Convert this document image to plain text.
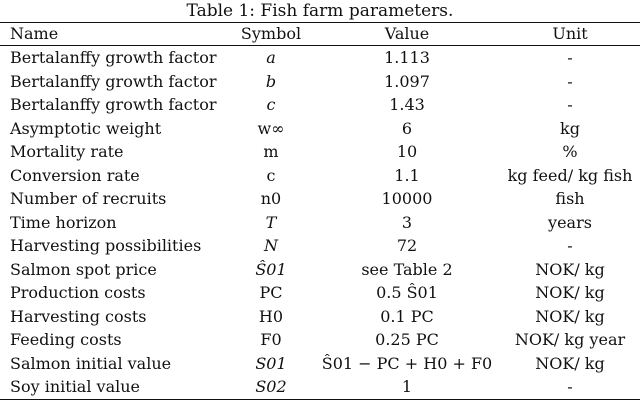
Table 1: Fish farm parameters.
Name	Symbol	Value	Unit
Bertalanffy growth factor	a	1.113	-
Bertalanffy growth factor	b	1.097	-
Bertalanffy growth factor	c	1.43	-
Asymptotic weight	w∞	6	kg
Mortality rate	m	10	%
Conversion rate	c	1.1	kg feed/ kg fish
Number of recruits	n0	10000	fish
Time horizon	T	3	years
Harvesting possibilities	N	72	-
Salmon spot price	Ŝ01	see Table 2	NOK/ kg
Production costs	PC	0.5 Ŝ01	NOK/ kg
Harvesting costs	H0	0.1 PC	NOK/ kg
Feeding costs	F0	0.25 PC	NOK/ kg year
Salmon initial value	S01	Ŝ01 − PC + H0 + F0	NOK/ kg
Soy initial value	S02	1	-
